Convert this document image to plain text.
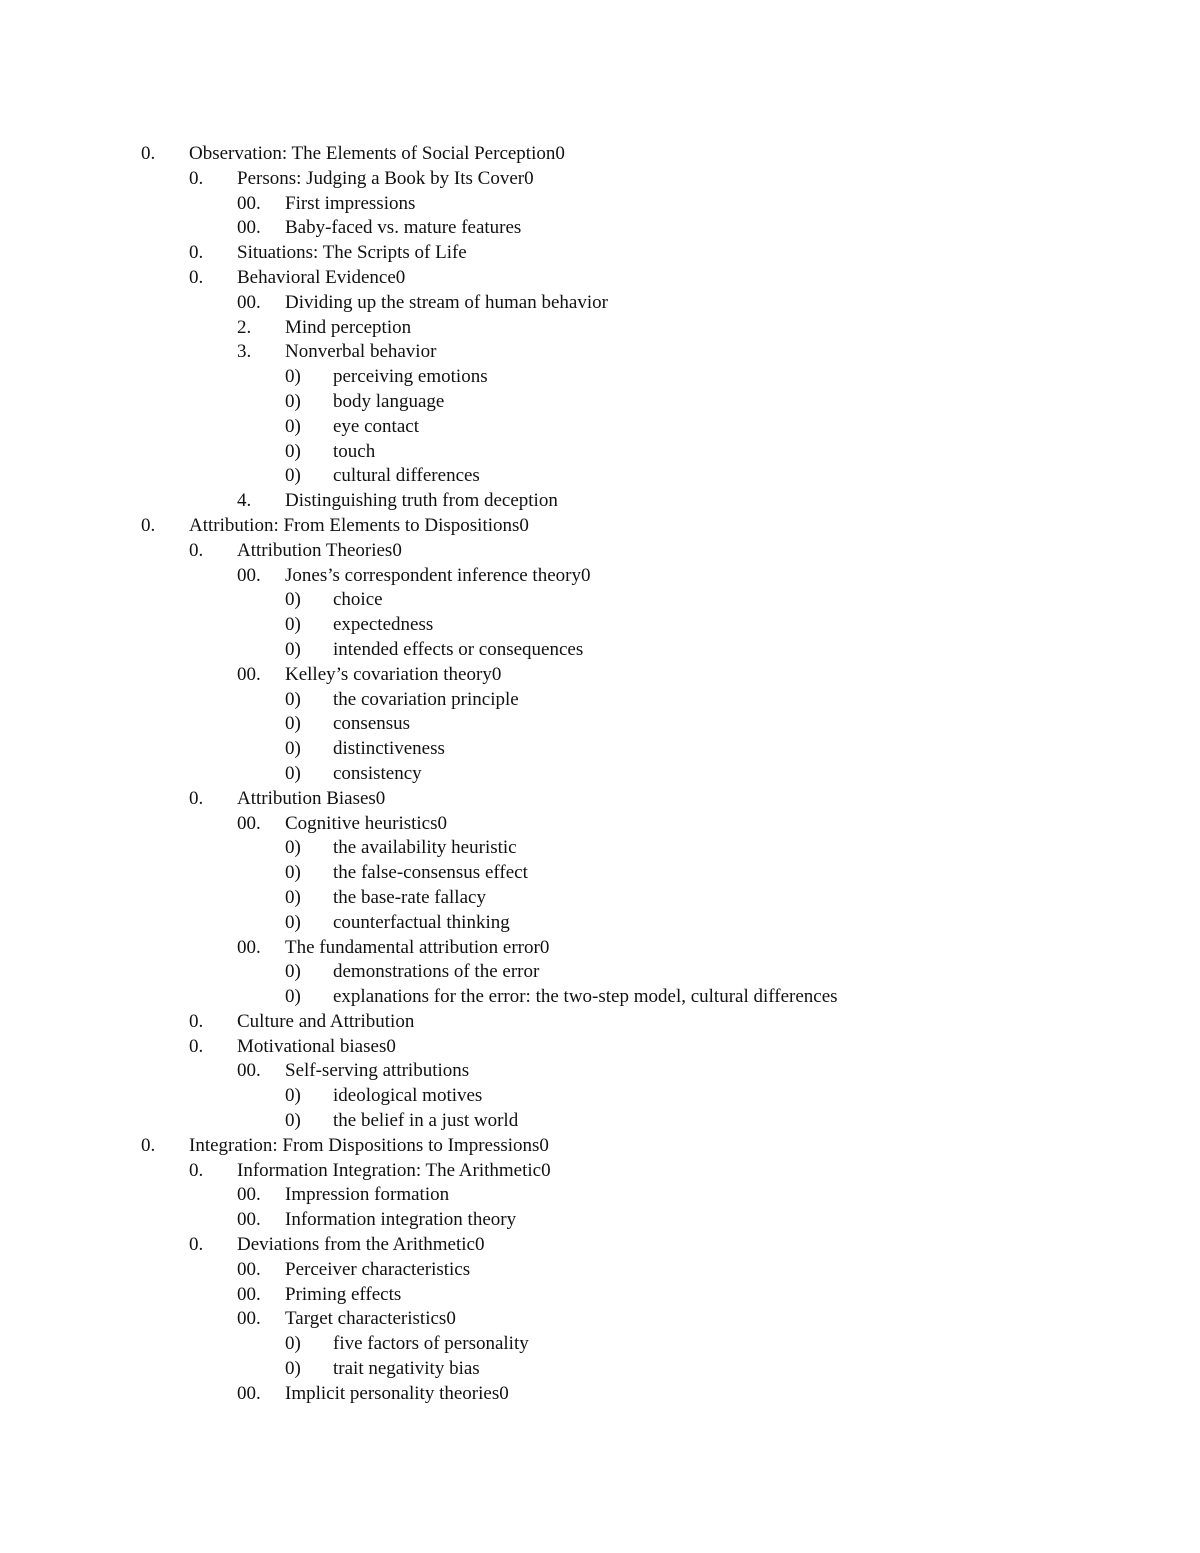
0. Observation: The Elements of Social Perception0
0. Persons: Judging a Book by Its Cover0
00. First impressions
00. Baby-faced vs. mature features
0. Situations: The Scripts of Life
0. Behavioral Evidence0
00. Dividing up the stream of human behavior
2. Mind perception
3. Nonverbal behavior
0) perceiving emotions
0) body language
0) eye contact
0) touch
0) cultural differences
4. Distinguishing truth from deception
0. Attribution: From Elements to Dispositions0
0. Attribution Theories0
00. Jones’s correspondent inference theory0
0) choice
0) expectedness
0) intended effects or consequences
00. Kelley’s covariation theory0
0) the covariation principle
0) consensus
0) distinctiveness
0) consistency
0. Attribution Biases0
00. Cognitive heuristics0
0) the availability heuristic
0) the false-consensus effect
0) the base-rate fallacy
0) counterfactual thinking
00. The fundamental attribution error0
0) demonstrations of the error
0) explanations for the error: the two-step model, cultural differences
0. Culture and Attribution
0. Motivational biases0
00. Self-serving attributions
0) ideological motives
0) the belief in a just world
0. Integration: From Dispositions to Impressions0
0. Information Integration: The Arithmetic0
00. Impression formation
00. Information integration theory
0. Deviations from the Arithmetic0
00. Perceiver characteristics
00. Priming effects
00. Target characteristics0
0) five factors of personality
0) trait negativity bias
00. Implicit personality theories0
